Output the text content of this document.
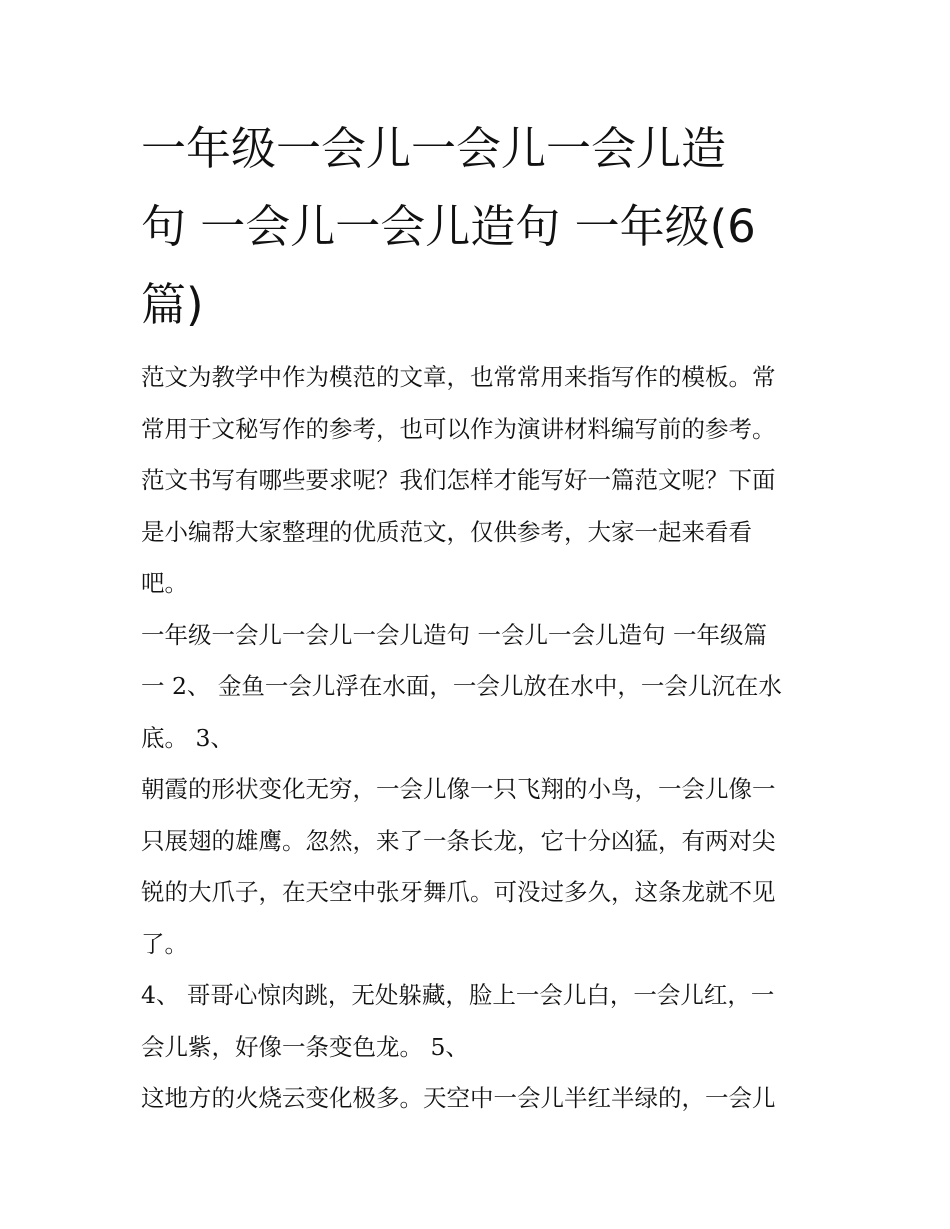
一年级一会儿一会儿一会儿造
句 一会儿一会儿造句 一年级(6
篇)

范文为教学中作为模范的文章，也常常用来指写作的模板。常
常用于文秘写作的参考，也可以作为演讲材料编写前的参考。
范文书写有哪些要求呢？我们怎样才能写好一篇范文呢？下面
是小编帮大家整理的优质范文，仅供参考，大家一起来看看
吧。

一年级一会儿一会儿一会儿造句 一会儿一会儿造句 一年级篇
一 2、 金鱼一会儿浮在水面，一会儿放在水中，一会儿沉在水
底。 3、

朝霞的形状变化无穷，一会儿像一只飞翔的小鸟，一会儿像一
只展翅的雄鹰。忽然，来了一条长龙，它十分凶猛，有两对尖
锐的大爪子，在天空中张牙舞爪。可没过多久，这条龙就不见
了。

4、 哥哥心惊肉跳，无处躲藏，脸上一会儿白，一会儿红，一
会儿紫，好像一条变色龙。 5、

这地方的火烧云变化极多。天空中一会儿半红半绿的，一会儿
